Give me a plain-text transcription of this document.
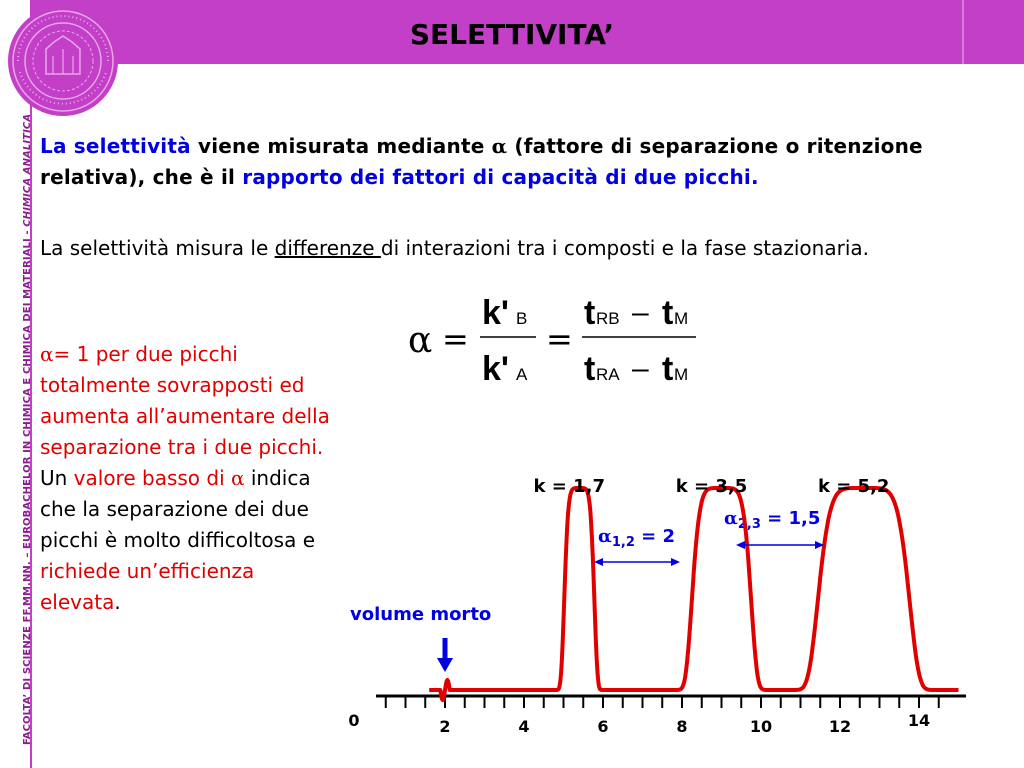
SELETTIVITA’
FACOLTA’ DI SCIENZE FF.MM.NN. – EUROBACHELOR IN CHIMICA E CHIMICA DEI MATERIALI - CHIMICA ANALITICA La selettività viene misurata mediante α (fattore di separazione o ritenzione relativa), che è il rapporto dei fattori di capacità di due picchi.
La selettività misura le differenze di interazioni tra i composti e la fase stazionaria.
α= 1 per due picchi totalmente sovrapposti ed aumenta all’aumentare della separazione tra i due picchi.
Un valore basso di α indica che la separazione dei due picchi è molto difficoltosa e richiede un’efficienza elevata.
α =
k' B
k' A
=
t RB – t M
t RA – t M
volume morto
$\alpha_{1,2} = 2$
$\alpha_{2,3} = 1,5$
0	2	4	6	8	10	12	14
k = 1,7	k = 3,5	k = 5,2
